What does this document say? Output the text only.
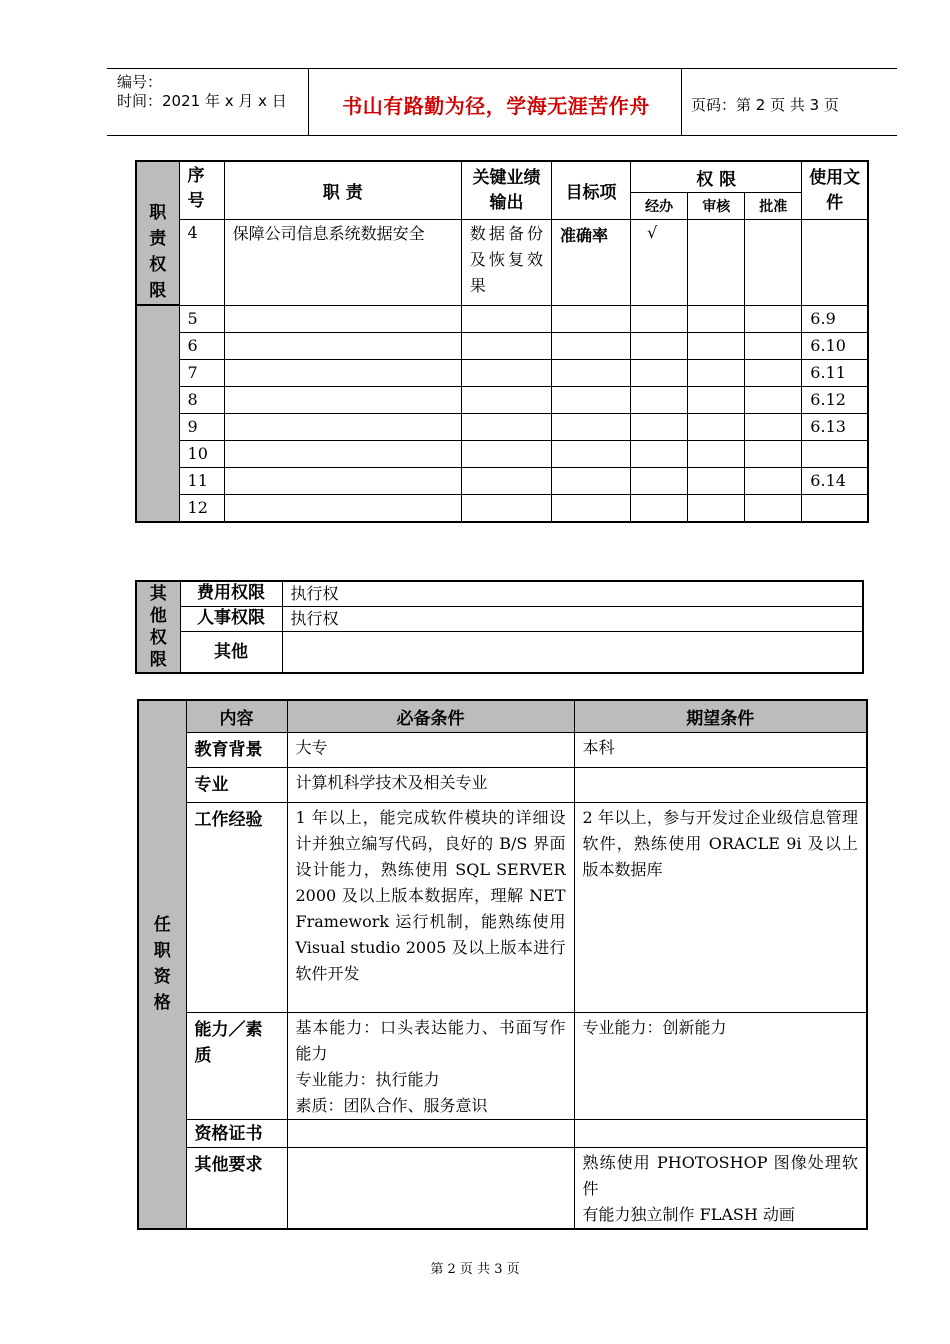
编号：
时间：2021 年 x 月 x 日	书山有路勤为径，学海无涯苦作舟	页码：第 2 页 共 3 页
职责权限	序号	职 责	关键业绩输出	目标项	权 限			使用文件
					经办	审核	批准	
	4	保障公司信息系统数据安全	数据备份及恢复效果	准确率	√			
	5							6.9
	6							6.10
	7							6.11
	8							6.12
	9							6.13
	10							
	11							6.14
	12							
其他权限	费用权限	执行权
	人事权限	执行权
	其他	
任职资格	内容	必备条件	期望条件
	教育背景	大专	本科
	专业	计算机科学技术及相关专业	
	工作经验	1 年以上，能完成软件模块的详细设计并独立编写代码，良好的 B/S 界面设计能力，熟练使用 SQL SERVER 2000 及以上版本数据库，理解 NET Framework 运行机制，能熟练使用 Visual studio 2005 及以上版本进行软件开发	2 年以上，参与开发过企业级信息管理软件，熟练使用 ORACLE 9i 及以上版本数据库
	能力／素质	基本能力：口头表达能力、书面写作能力
专业能力：执行能力
素质：团队合作、服务意识	专业能力：创新能力
	资格证书		
	其他要求		熟练使用 PHOTOSHOP 图像处理软件
有能力独立制作 FLASH 动画
第 2 页 共 3 页
